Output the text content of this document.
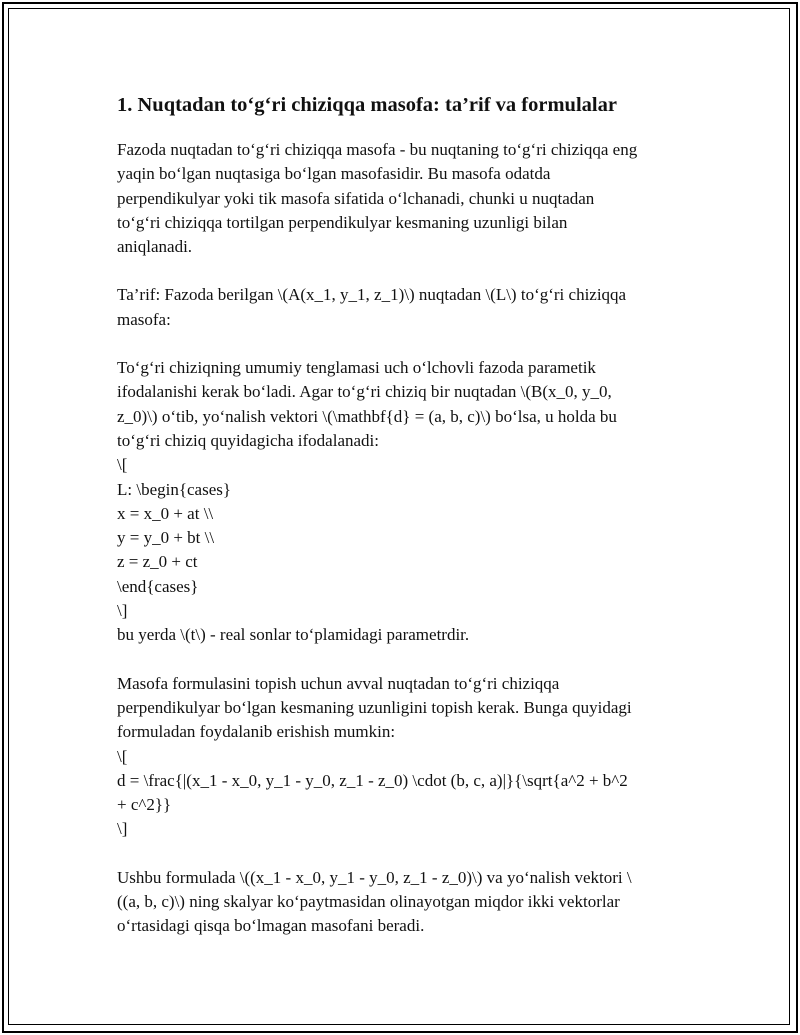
1. Nuqtadan to‘g‘ri chiziqqa masofa: ta’rif va formulalar
Fazoda nuqtadan to‘g‘ri chiziqqa masofa - bu nuqtaning to‘g‘ri chiziqqa eng
yaqin bo‘lgan nuqtasiga bo‘lgan masofasidir. Bu masofa odatda
perpendikulyar yoki tik masofa sifatida o‘lchanadi, chunki u nuqtadan
to‘g‘ri chiziqqa tortilgan perpendikulyar kesmaning uzunligi bilan
aniqlanadi.
Ta’rif: Fazoda berilgan \(A(x_1, y_1, z_1)\) nuqtadan \(L\) to‘g‘ri chiziqqa
masofa:
To‘g‘ri chiziqning umumiy tenglamasi uch o‘lchovli fazoda parametik
ifodalanishi kerak bo‘ladi. Agar to‘g‘ri chiziq bir nuqtadan \(B(x_0, y_0,
z_0)\) o‘tib, yo‘nalish vektori \(\mathbf{d} = (a, b, c)\) bo‘lsa, u holda bu
to‘g‘ri chiziq quyidagicha ifodalanadi:
\[
L: \begin{cases}
x = x_0 + at \\
y = y_0 + bt \\
z = z_0 + ct
\end{cases}
\]
bu yerda \(t\) - real sonlar to‘plamidagi parametrdir.
Masofa formulasini topish uchun avval nuqtadan to‘g‘ri chiziqqa
perpendikulyar bo‘lgan kesmaning uzunligini topish kerak. Bunga quyidagi
formuladan foydalanib erishish mumkin:
\[
d = \frac{|(x_1 - x_0, y_1 - y_0, z_1 - z_0) \cdot (b, c, a)|}{\sqrt{a^2 + b^2
+ c^2}}
\]
Ushbu formulada \((x_1 - x_0, y_1 - y_0, z_1 - z_0)\) va yo‘nalish vektori \
((a, b, c)\) ning skalyar ko‘paytmasidan olinayotgan miqdor ikki vektorlar
o‘rtasidagi qisqa bo‘lmagan masofani beradi.
